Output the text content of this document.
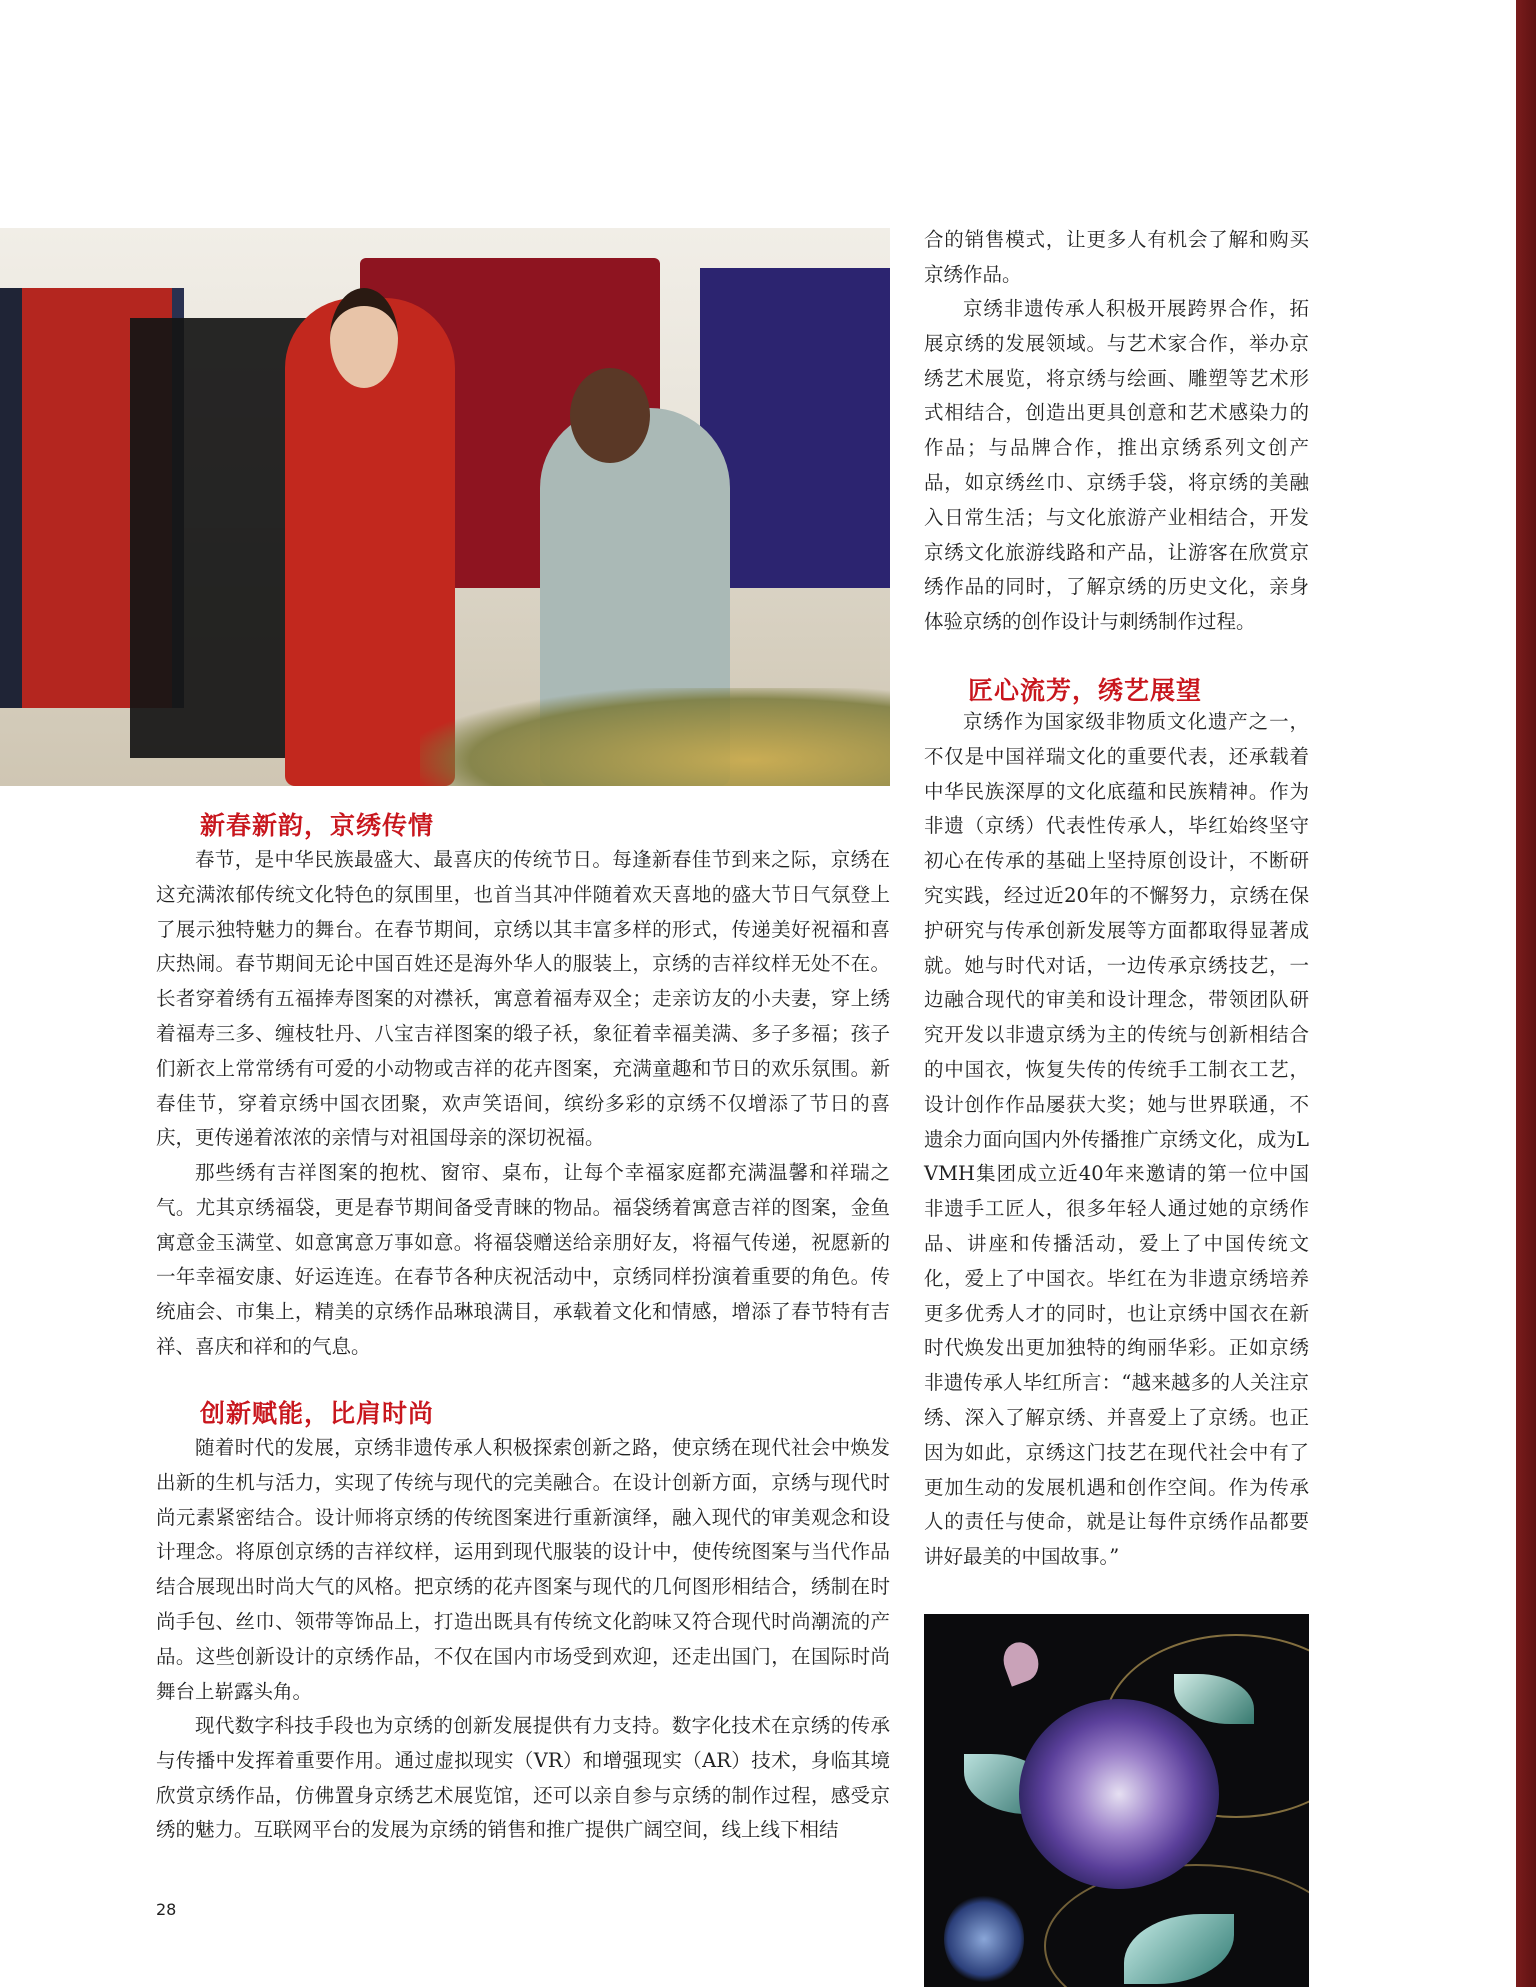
新春新韵，京绣传情

春节，是中华民族最盛大、最喜庆的传统节日。每逢新春佳节到来之际，京绣在这充满浓郁传统文化特色的氛围里，也首当其冲伴随着欢天喜地的盛大节日气氛登上了展示独特魅力的舞台。在春节期间，京绣以其丰富多样的形式，传递美好祝福和喜庆热闹。春节期间无论中国百姓还是海外华人的服装上，京绣的吉祥纹样无处不在。长者穿着绣有五福捧寿图案的对襟袄，寓意着福寿双全；走亲访友的小夫妻，穿上绣着福寿三多、缠枝牡丹、八宝吉祥图案的缎子袄，象征着幸福美满、多子多福；孩子们新衣上常常绣有可爱的小动物或吉祥的花卉图案，充满童趣和节日的欢乐氛围。新春佳节，穿着京绣中国衣团聚，欢声笑语间，缤纷多彩的京绣不仅增添了节日的喜庆，更传递着浓浓的亲情与对祖国母亲的深切祝福。

那些绣有吉祥图案的抱枕、窗帘、桌布，让每个幸福家庭都充满温馨和祥瑞之气。尤其京绣福袋，更是春节期间备受青睐的物品。福袋绣着寓意吉祥的图案，金鱼寓意金玉满堂、如意寓意万事如意。将福袋赠送给亲朋好友，将福气传递，祝愿新的一年幸福安康、好运连连。在春节各种庆祝活动中，京绣同样扮演着重要的角色。传统庙会、市集上，精美的京绣作品琳琅满目，承载着文化和情感，增添了春节特有吉祥、喜庆和祥和的气息。

创新赋能，比肩时尚

随着时代的发展，京绣非遗传承人积极探索创新之路，使京绣在现代社会中焕发出新的生机与活力，实现了传统与现代的完美融合。在设计创新方面，京绣与现代时尚元素紧密结合。设计师将京绣的传统图案进行重新演绎，融入现代的审美观念和设计理念。将原创京绣的吉祥纹样，运用到现代服装的设计中，使传统图案与当代作品结合展现出时尚大气的风格。把京绣的花卉图案与现代的几何图形相结合，绣制在时尚手包、丝巾、领带等饰品上，打造出既具有传统文化韵味又符合现代时尚潮流的产品。这些创新设计的京绣作品，不仅在国内市场受到欢迎，还走出国门，在国际时尚舞台上崭露头角。

现代数字科技手段也为京绣的创新发展提供有力支持。数字化技术在京绣的传承与传播中发挥着重要作用。通过虚拟现实（VR）和增强现实（AR）技术，身临其境欣赏京绣作品，仿佛置身京绣艺术展览馆，还可以亲自参与京绣的制作过程，感受京绣的魅力。互联网平台的发展为京绣的销售和推广提供广阔空间，线上线下相结

合的销售模式，让更多人有机会了解和购买京绣作品。

京绣非遗传承人积极开展跨界合作，拓展京绣的发展领域。与艺术家合作，举办京绣艺术展览，将京绣与绘画、雕塑等艺术形式相结合，创造出更具创意和艺术感染力的作品；与品牌合作，推出京绣系列文创产品，如京绣丝巾、京绣手袋，将京绣的美融入日常生活；与文化旅游产业相结合，开发京绣文化旅游线路和产品，让游客在欣赏京绣作品的同时，了解京绣的历史文化，亲身体验京绣的创作设计与刺绣制作过程。

匠心流芳，绣艺展望

京绣作为国家级非物质文化遗产之一，不仅是中国祥瑞文化的重要代表，还承载着中华民族深厚的文化底蕴和民族精神。作为非遗（京绣）代表性传承人，毕红始终坚守初心在传承的基础上坚持原创设计，不断研究实践，经过近20年的不懈努力，京绣在保护研究与传承创新发展等方面都取得显著成就。她与时代对话，一边传承京绣技艺，一边融合现代的审美和设计理念，带领团队研究开发以非遗京绣为主的传统与创新相结合的中国衣，恢复失传的传统手工制衣工艺，设计创作作品屡获大奖；她与世界联通，不遗余力面向国内外传播推广京绣文化，成为LVMH集团成立近40年来邀请的第一位中国非遗手工匠人，很多年轻人通过她的京绣作品、讲座和传播活动，爱上了中国传统文化，爱上了中国衣。毕红在为非遗京绣培养更多优秀人才的同时，也让京绣中国衣在新时代焕发出更加独特的绚丽华彩。正如京绣非遗传承人毕红所言：“越来越多的人关注京绣、深入了解京绣、并喜爱上了京绣。也正因为如此，京绣这门技艺在现代社会中有了更加生动的发展机遇和创作空间。作为传承人的责任与使命，就是让每件京绣作品都要讲好最美的中国故事。”

28
